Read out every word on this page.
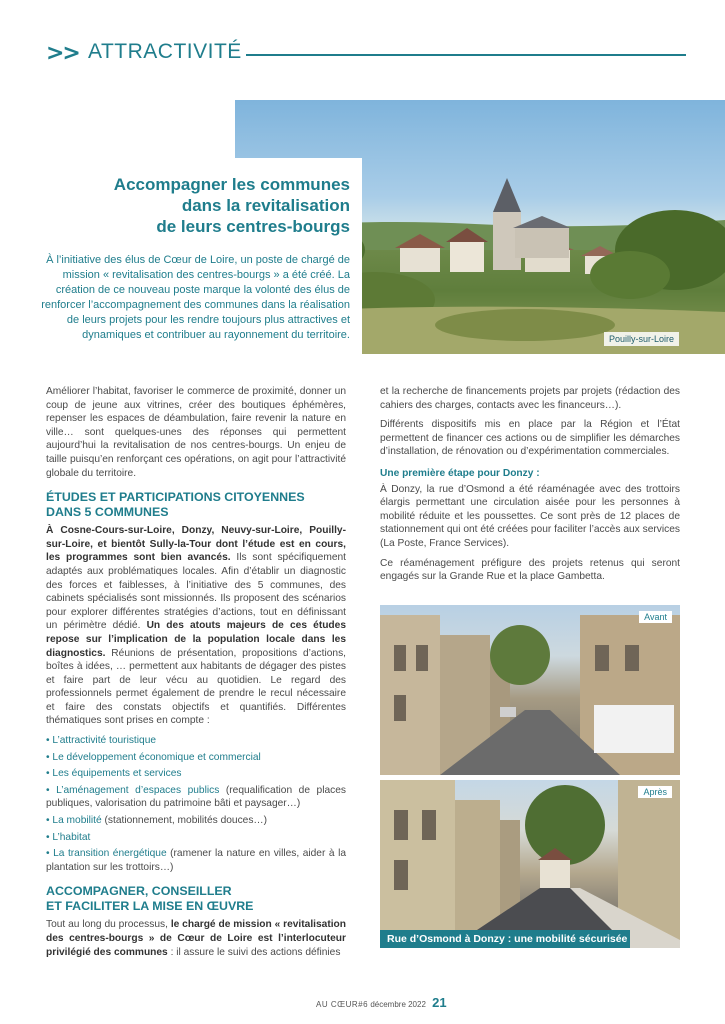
>> ATTRACTIVITÉ
Pouilly-sur-Loire
Accompagner les communes
dans la revitalisation
de leurs centres-bourgs

À l’initiative des élus de Cœur de Loire, un poste de chargé de mission « revitalisation des centres-bourgs » a été créé. La création de ce nouveau poste marque la volonté des élus de renforcer l’accompagnement des communes dans la réalisation de leurs projets pour les rendre toujours plus attractives et dynamiques et contribuer au rayonnement du territoire.

Améliorer l’habitat, favoriser le commerce de proximité, donner un coup de jeune aux vitrines, créer des boutiques éphémères, repenser les espaces de déambulation, faire revenir la nature en ville… sont quelques-unes des réponses qui permettent aujourd’hui la revitalisation de nos centres-bourgs. Un enjeu de taille puisqu’en renforçant ces opérations, on agit pour l’attractivité globale du territoire.

ÉTUDES ET PARTICIPATIONS CITOYENNES
DANS 5 COMMUNES

À Cosne-Cours-sur-Loire, Donzy, Neuvy-sur-Loire, Pouilly-sur-Loire, et bientôt Sully-la-Tour dont l’étude est en cours, les programmes sont bien avancés. Ils sont spécifiquement adaptés aux problématiques locales. Afin d’établir un diagnostic des forces et faiblesses, à l’initiative des 5 communes, des cabinets spécialisés sont missionnés. Ils proposent des scénarios pour explorer différentes stratégies d’actions, tout en définissant un périmètre dédié. Un des atouts majeurs de ces études repose sur l’implication de la population locale dans les diagnostics. Réunions de présentation, propositions d’actions, boîtes à idées, … permettent aux habitants de dégager des pistes et faire part de leur vécu au quotidien. Le regard des professionnels permet également de prendre le recul nécessaire et faire des constats objectifs et quantifiés. Différentes thématiques sont prises en compte :

• L’attractivité touristique
• Le développement économique et commercial
• Les équipements et services
• L’aménagement d’espaces publics (requalification de places publiques, valorisation du patrimoine bâti et paysager…)
• La mobilité (stationnement, mobilités douces…)
• L’habitat
• La transition énergétique (ramener la nature en villes, aider à la plantation sur les trottoirs…)
ACCOMPAGNER, CONSEILLER
ET FACILITER LA MISE EN ŒUVRE

Tout au long du processus, le chargé de mission « revitalisation des centres-bourgs » de Cœur de Loire est l’interlocuteur privilégié des communes : il assure le suivi des actions définies

et la recherche de financements projets par projets (rédaction des cahiers des charges, contacts avec les financeurs…).

Différents dispositifs mis en place par la Région et l’État permettent de financer ces actions ou de simplifier les démarches d’installation, de rénovation ou d’expérimentation commerciales.

Une première étape pour Donzy :

À Donzy, la rue d’Osmond a été réaménagée avec des trottoirs élargis permettant une circulation aisée pour les personnes à mobilité réduite et les poussettes. Ce sont près de 12 places de stationnement qui ont été créées pour faciliter l’accès aux services (La Poste, France Services).

Ce réaménagement préfigure des projets retenus qui seront engagés sur la Grande Rue et la place Gambetta.

Avant
Après
Rue d’Osmond à Donzy : une mobilité sécurisée
AU CŒUR#6 décembre 2022 21
